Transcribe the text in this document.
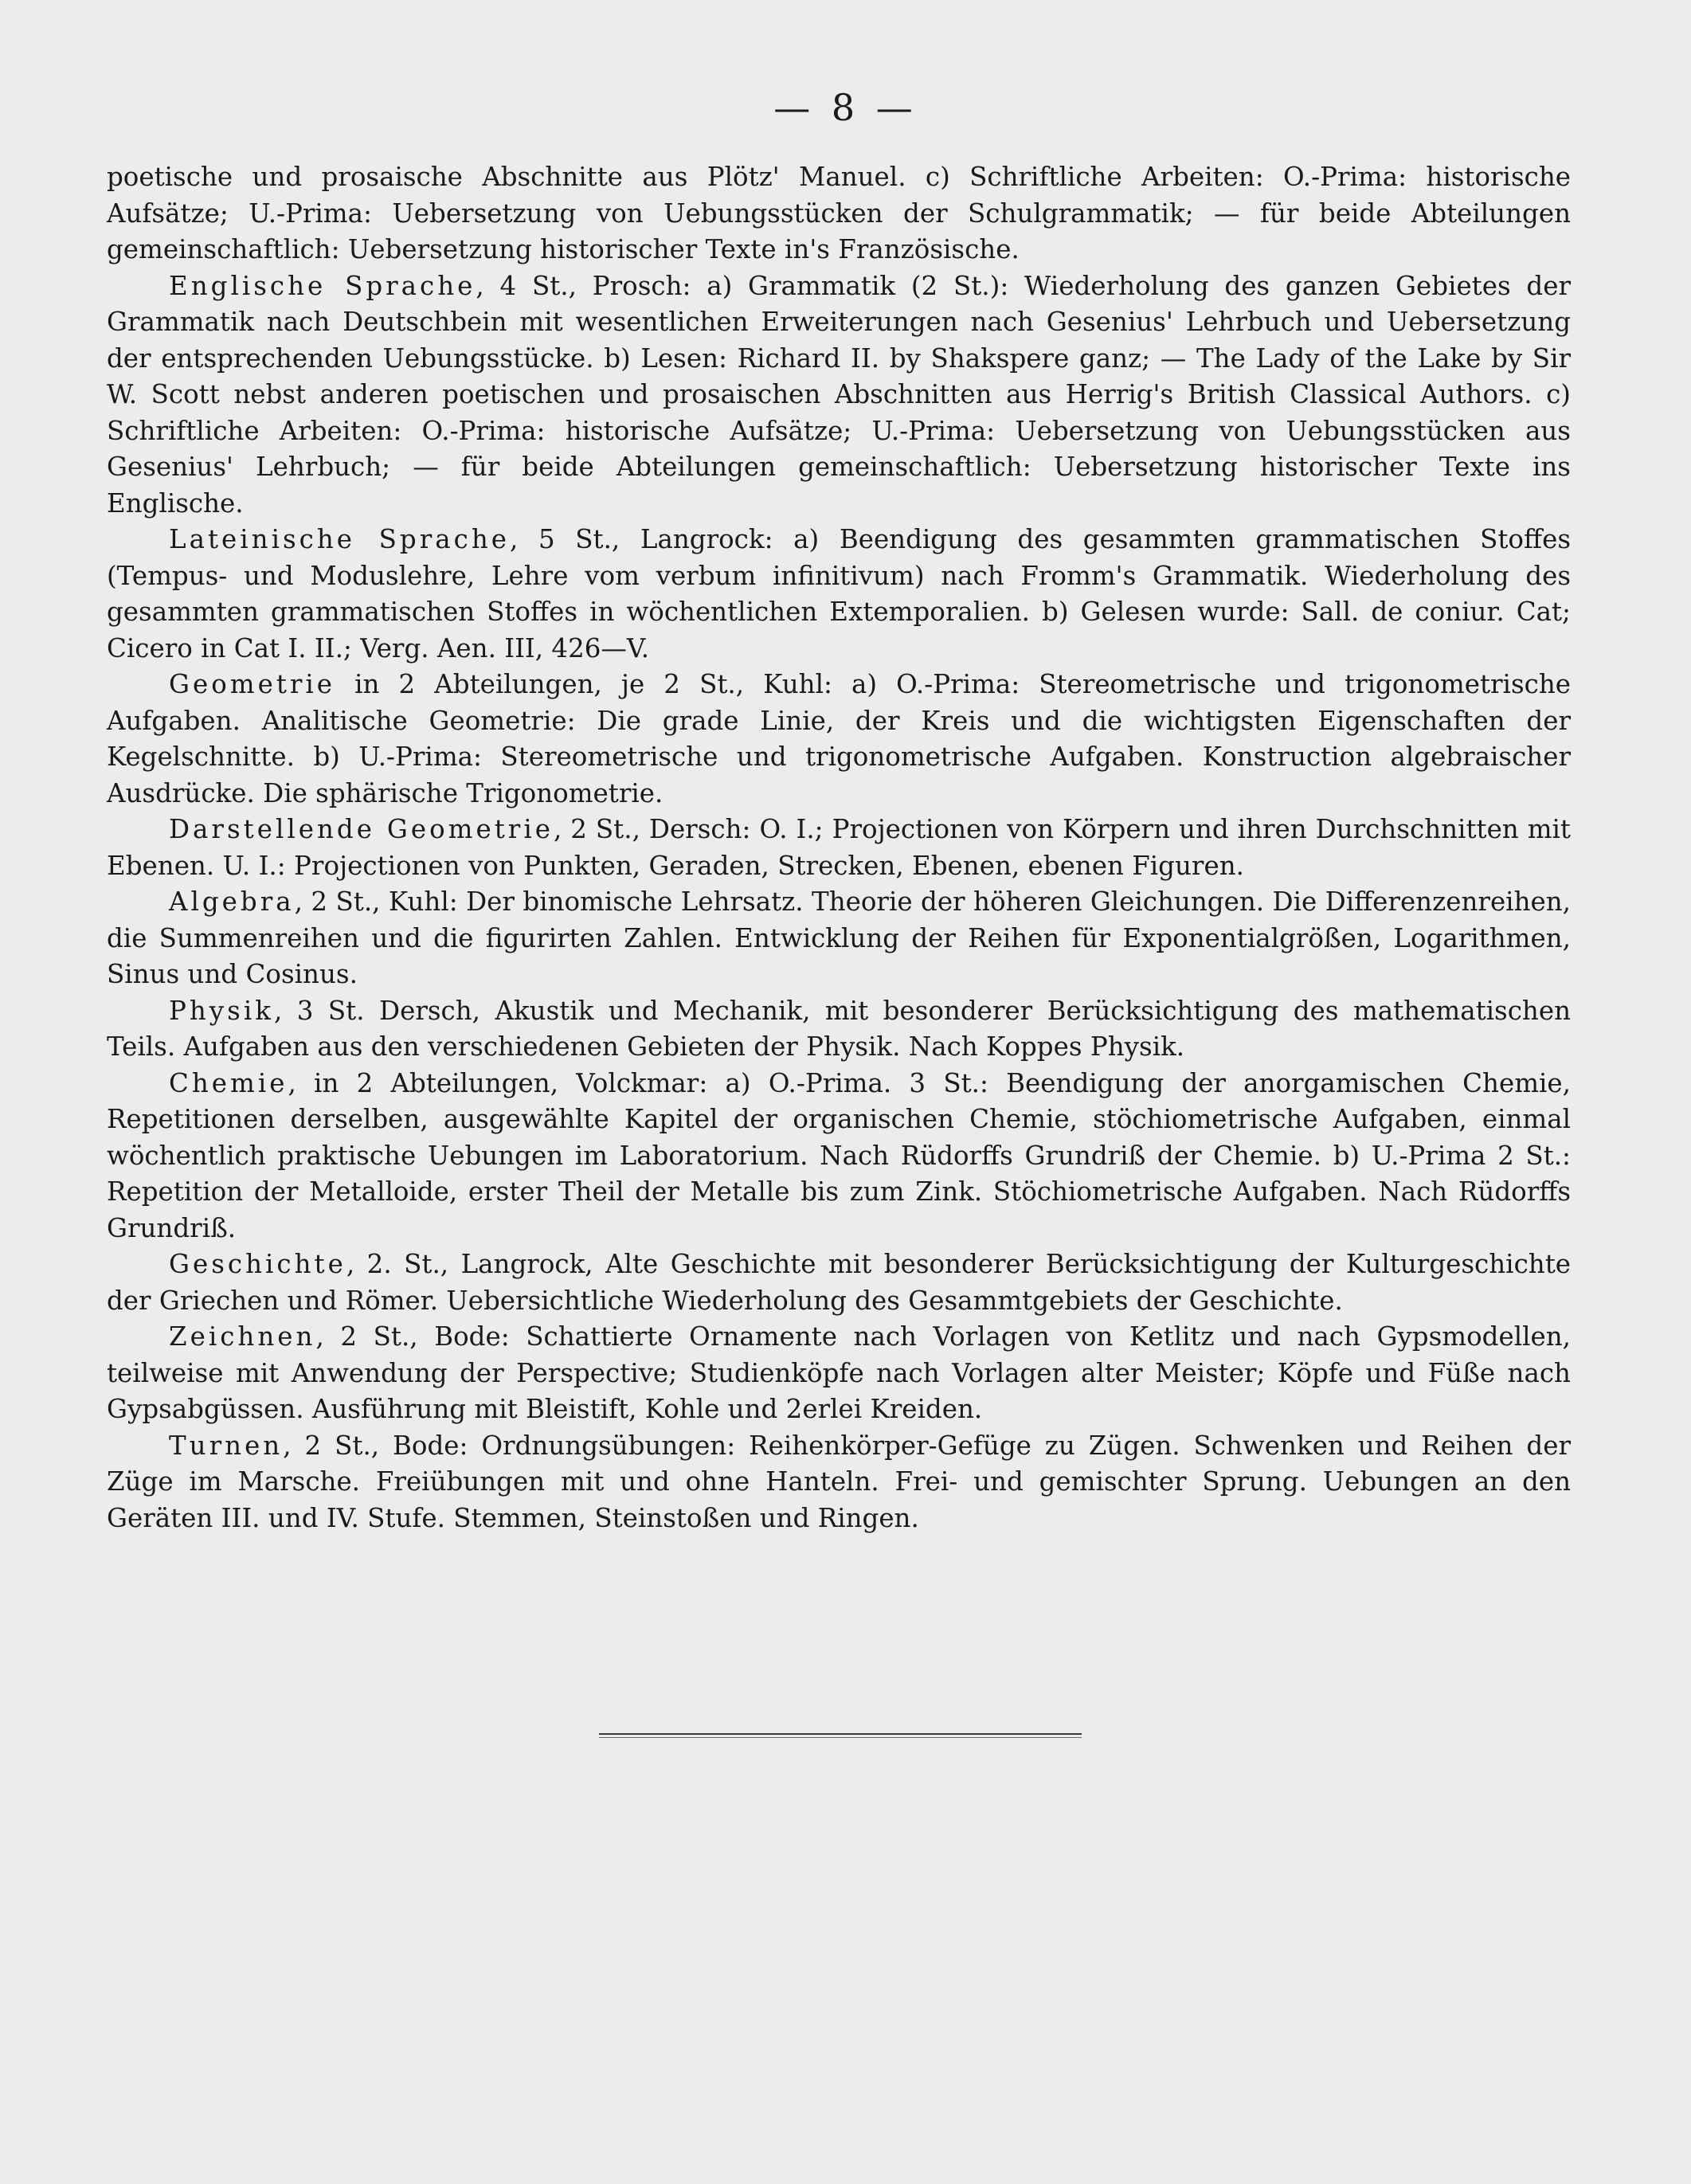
— 8 —

poetische und prosaische Abschnitte aus Plötz' Manuel. c) Schriftliche Arbeiten: O.-Prima: historische Aufsätze; U.-Prima: Uebersetzung von Uebungsstücken der Schulgrammatik; — für beide Abteilungen gemeinschaftlich: Uebersetzung historischer Texte in's Französische.

Englische Sprache, 4 St., Prosch: a) Grammatik (2 St.): Wiederholung des ganzen Gebietes der Grammatik nach Deutschbein mit wesentlichen Erweiterungen nach Gesenius' Lehrbuch und Uebersetzung der entsprechenden Uebungsstücke. b) Lesen: Richard II. by Shakspere ganz; — The Lady of the Lake by Sir W. Scott nebst anderen poetischen und prosaischen Abschnitten aus Herrig's British Classical Authors. c) Schriftliche Arbeiten: O.-Prima: historische Aufsätze; U.-Prima: Uebersetzung von Uebungsstücken aus Gesenius' Lehrbuch; — für beide Abteilungen gemeinschaftlich: Uebersetzung historischer Texte ins Englische.

Lateinische Sprache, 5 St., Langrock: a) Beendigung des gesammten grammatischen Stoffes (Tempus- und Moduslehre, Lehre vom verbum infinitivum) nach Fromm's Grammatik. Wiederholung des gesammten grammatischen Stoffes in wöchentlichen Extemporalien. b) Gelesen wurde: Sall. de coniur. Cat; Cicero in Cat I. II.; Verg. Aen. III, 426—V.

Geometrie in 2 Abteilungen, je 2 St., Kuhl: a) O.-Prima: Stereometrische und trigonometrische Aufgaben. Analitische Geometrie: Die grade Linie, der Kreis und die wichtigsten Eigenschaften der Kegelschnitte. b) U.-Prima: Stereometrische und trigonometrische Aufgaben. Konstruction algebraischer Ausdrücke. Die sphärische Trigonometrie.

Darstellende Geometrie, 2 St., Dersch: O. I.; Projectionen von Körpern und ihren Durchschnitten mit Ebenen. U. I.: Projectionen von Punkten, Geraden, Strecken, Ebenen, ebenen Figuren.

Algebra, 2 St., Kuhl: Der binomische Lehrsatz. Theorie der höheren Gleichungen. Die Differenzenreihen, die Summenreihen und die figurirten Zahlen. Entwicklung der Reihen für Exponentialgrößen, Logarithmen, Sinus und Cosinus.

Physik, 3 St. Dersch, Akustik und Mechanik, mit besonderer Berücksichtigung des mathematischen Teils. Aufgaben aus den verschiedenen Gebieten der Physik. Nach Koppes Physik.

Chemie, in 2 Abteilungen, Volckmar: a) O.-Prima. 3 St.: Beendigung der anorgamischen Chemie, Repetitionen derselben, ausgewählte Kapitel der organischen Chemie, stöchiometrische Aufgaben, einmal wöchentlich praktische Uebungen im Laboratorium. Nach Rüdorffs Grundriß der Chemie. b) U.-Prima 2 St.: Repetition der Metalloide, erster Theil der Metalle bis zum Zink. Stöchiometrische Aufgaben. Nach Rüdorffs Grundriß.

Geschichte, 2. St., Langrock, Alte Geschichte mit besonderer Berücksichtigung der Kulturgeschichte der Griechen und Römer. Uebersichtliche Wiederholung des Gesammtgebiets der Geschichte.

Zeichnen, 2 St., Bode: Schattierte Ornamente nach Vorlagen von Ketlitz und nach Gypsmodellen, teilweise mit Anwendung der Perspective; Studienköpfe nach Vorlagen alter Meister; Köpfe und Füße nach Gypsabgüssen. Ausführung mit Bleistift, Kohle und 2erlei Kreiden.

Turnen, 2 St., Bode: Ordnungsübungen: Reihenkörper-Gefüge zu Zügen. Schwenken und Reihen der Züge im Marsche. Freiübungen mit und ohne Hanteln. Frei- und gemischter Sprung. Uebungen an den Geräten III. und IV. Stufe. Stemmen, Steinstoßen und Ringen.
